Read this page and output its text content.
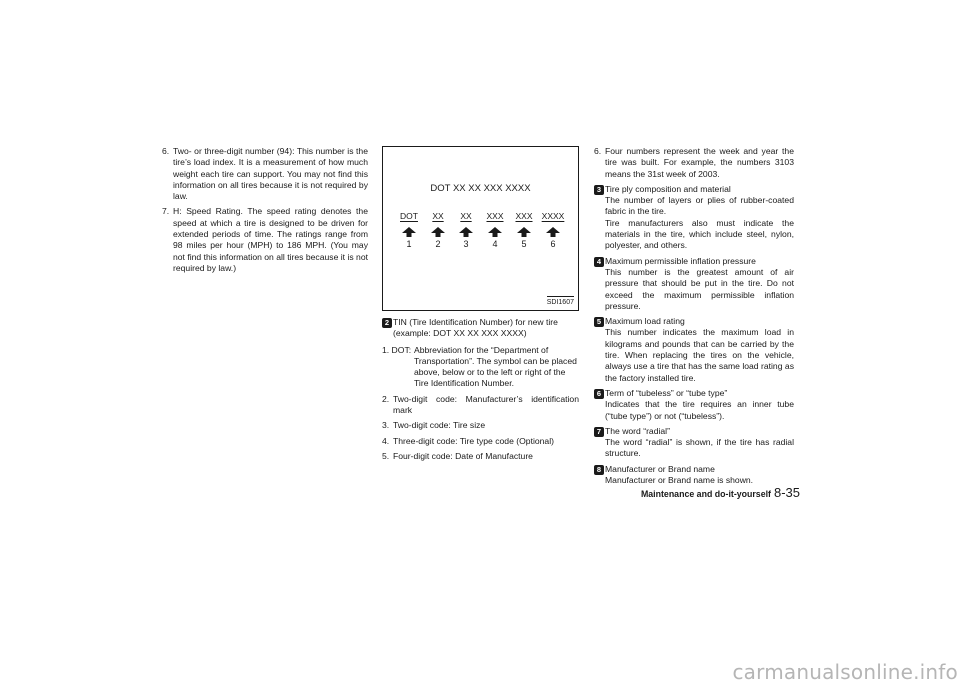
6. Two- or three-digit number (94): This number is the tire’s load index. It is a measurement of how much weight each tire can support. You may not find this information on all tires because it is not required by law.
7. H: Speed Rating. The speed rating denotes the speed at which a tire is designed to be driven for extended periods of time. The ratings range from 98 miles per hour (MPH) to 186 MPH. (You may not find this information on all tires because it is not required by law.)
DOT XX XX XXX XXXX
DOT
1
XX
2
XX
3
XXX
4
XXX
5
XXXX
6
SDI1607
2 TIN (Tire Identification Number) for new tire (example: DOT XX XX XXX XXXX)
1. DOT: Abbreviation for the “Department of Transportation”. The symbol can be placed above, below or to the left or right of the Tire Identification Number.
2. Two-digit code: Manufacturer’s identification mark
3. Two-digit code: Tire size
4. Three-digit code: Tire type code (Optional)
5. Four-digit code: Date of Manufacture
6. Four numbers represent the week and year the tire was built. For example, the numbers 3103 means the 31st week of 2003.
3 Tire ply composition and material
The number of layers or plies of rubber-coated fabric in the tire.
Tire manufacturers also must indicate the materials in the tire, which include steel, nylon, polyester, and others.
4 Maximum permissible inflation pressure
This number is the greatest amount of air pressure that should be put in the tire. Do not exceed the maximum permissible inflation pressure.
5 Maximum load rating
This number indicates the maximum load in kilograms and pounds that can be carried by the tire. When replacing the tires on the vehicle, always use a tire that has the same load rating as the factory installed tire.
6 Term of “tubeless” or “tube type”
Indicates that the tire requires an inner tube (“tube type”) or not (“tubeless”).
7 The word “radial”
The word “radial” is shown, if the tire has radial structure.
8 Manufacturer or Brand name
Manufacturer or Brand name is shown.
Maintenance and do-it-yourself 8-35
carmanualsonline.info
